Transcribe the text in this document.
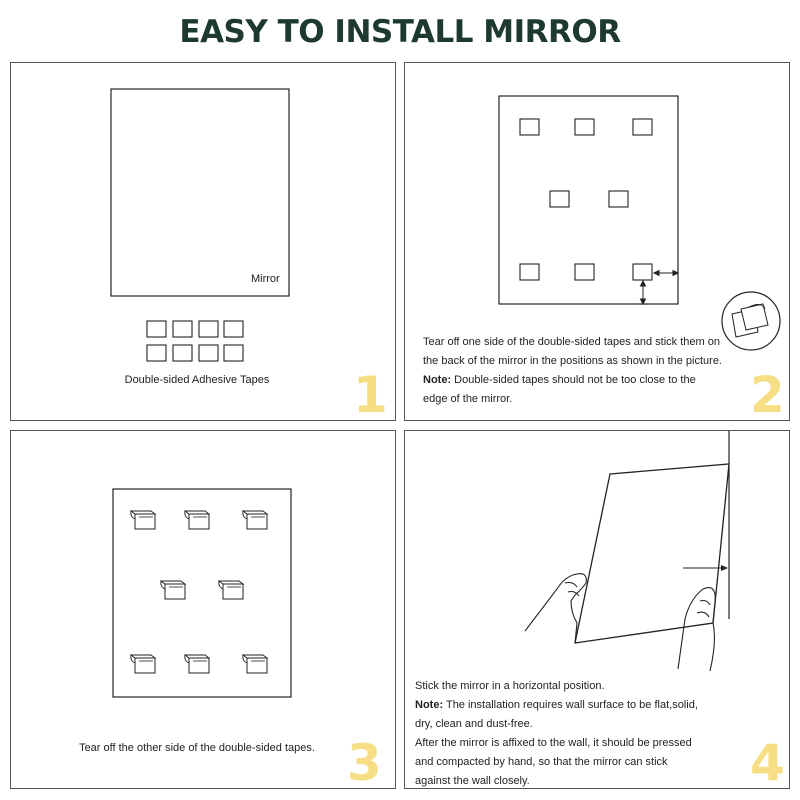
EASY TO INSTALL MIRROR
Mirror
Double-sided Adhesive Tapes	1
Tear off one side of the double-sided tapes and stick them on the back of the mirror in the positions as shown in the picture.
Note: Double-sided tapes should not be too close to the edge of the mirror.	2
Tear off the other side of the double-sided tapes. 3
Stick the mirror in a horizontal position.
Note: The installation requires wall surface to be flat,solid, dry, clean and dust-free.
After the mirror is affixed to the wall, it should be pressed and compacted by hand, so that the mirror can stick against the wall closely.	4
